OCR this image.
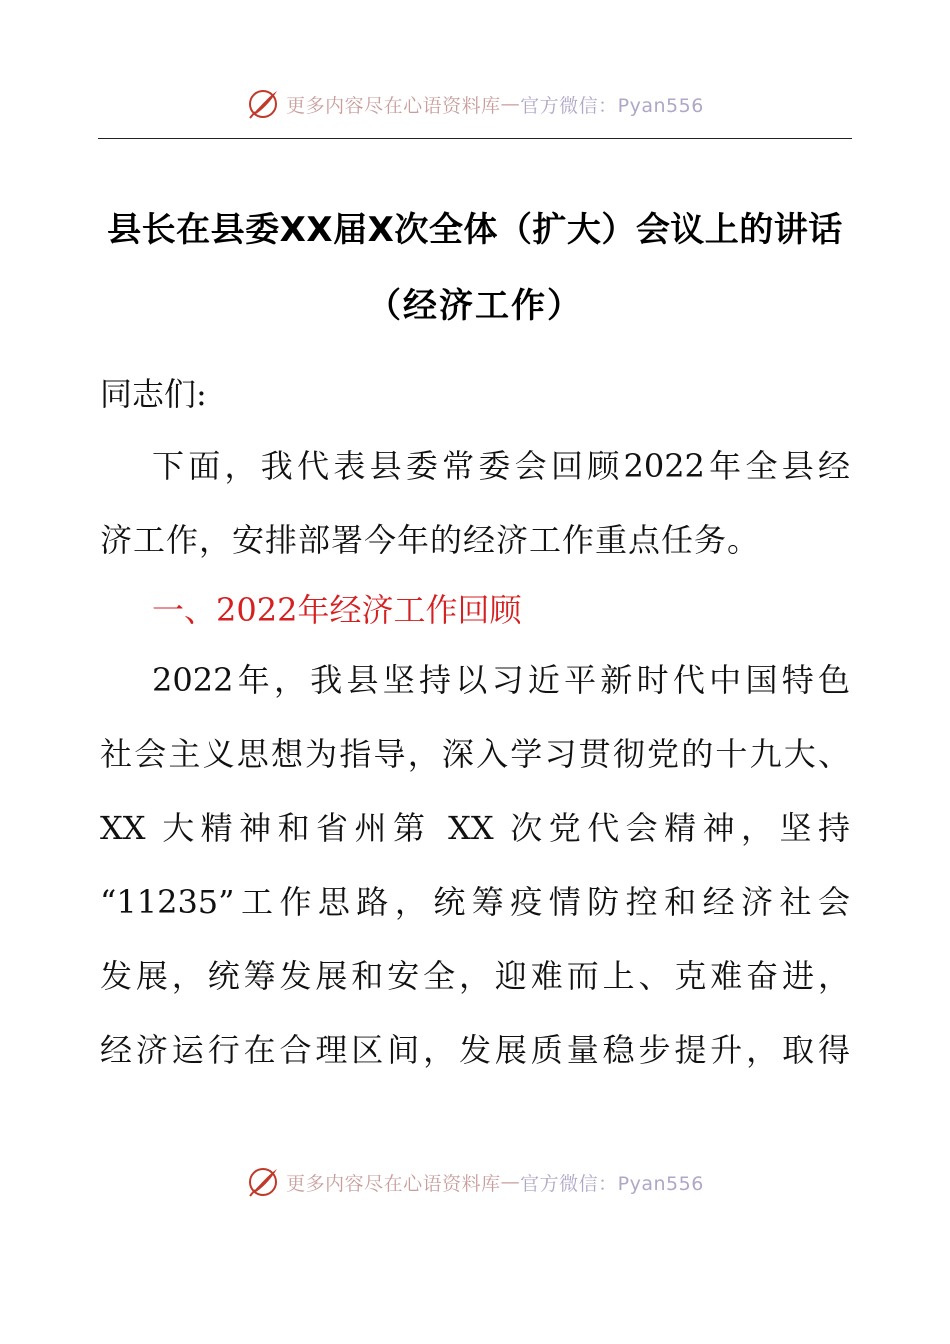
更多内容尽在心语资料库 — 官方微信：Pyan556
县长在县委XX届X次全体（扩大）会议上的讲话
（经济工作）
同志们:
下面，我代表县委常委会回顾2022年全县经
济工作，安排部署今年的经济工作重点任务。
一、2022年经济工作回顾
2022年，我县坚持以习近平新时代中国特色
社会主义思想为指导，深入学习贯彻党的十九大、
XX 大精神和省州第 XX 次党代会精神，坚持
“11235”工作思路，统筹疫情防控和经济社会
发展，统筹发展和安全，迎难而上、克难奋进，
经济运行在合理区间，发展质量稳步提升，取得
更多内容尽在心语资料库 — 官方微信：Pyan556
